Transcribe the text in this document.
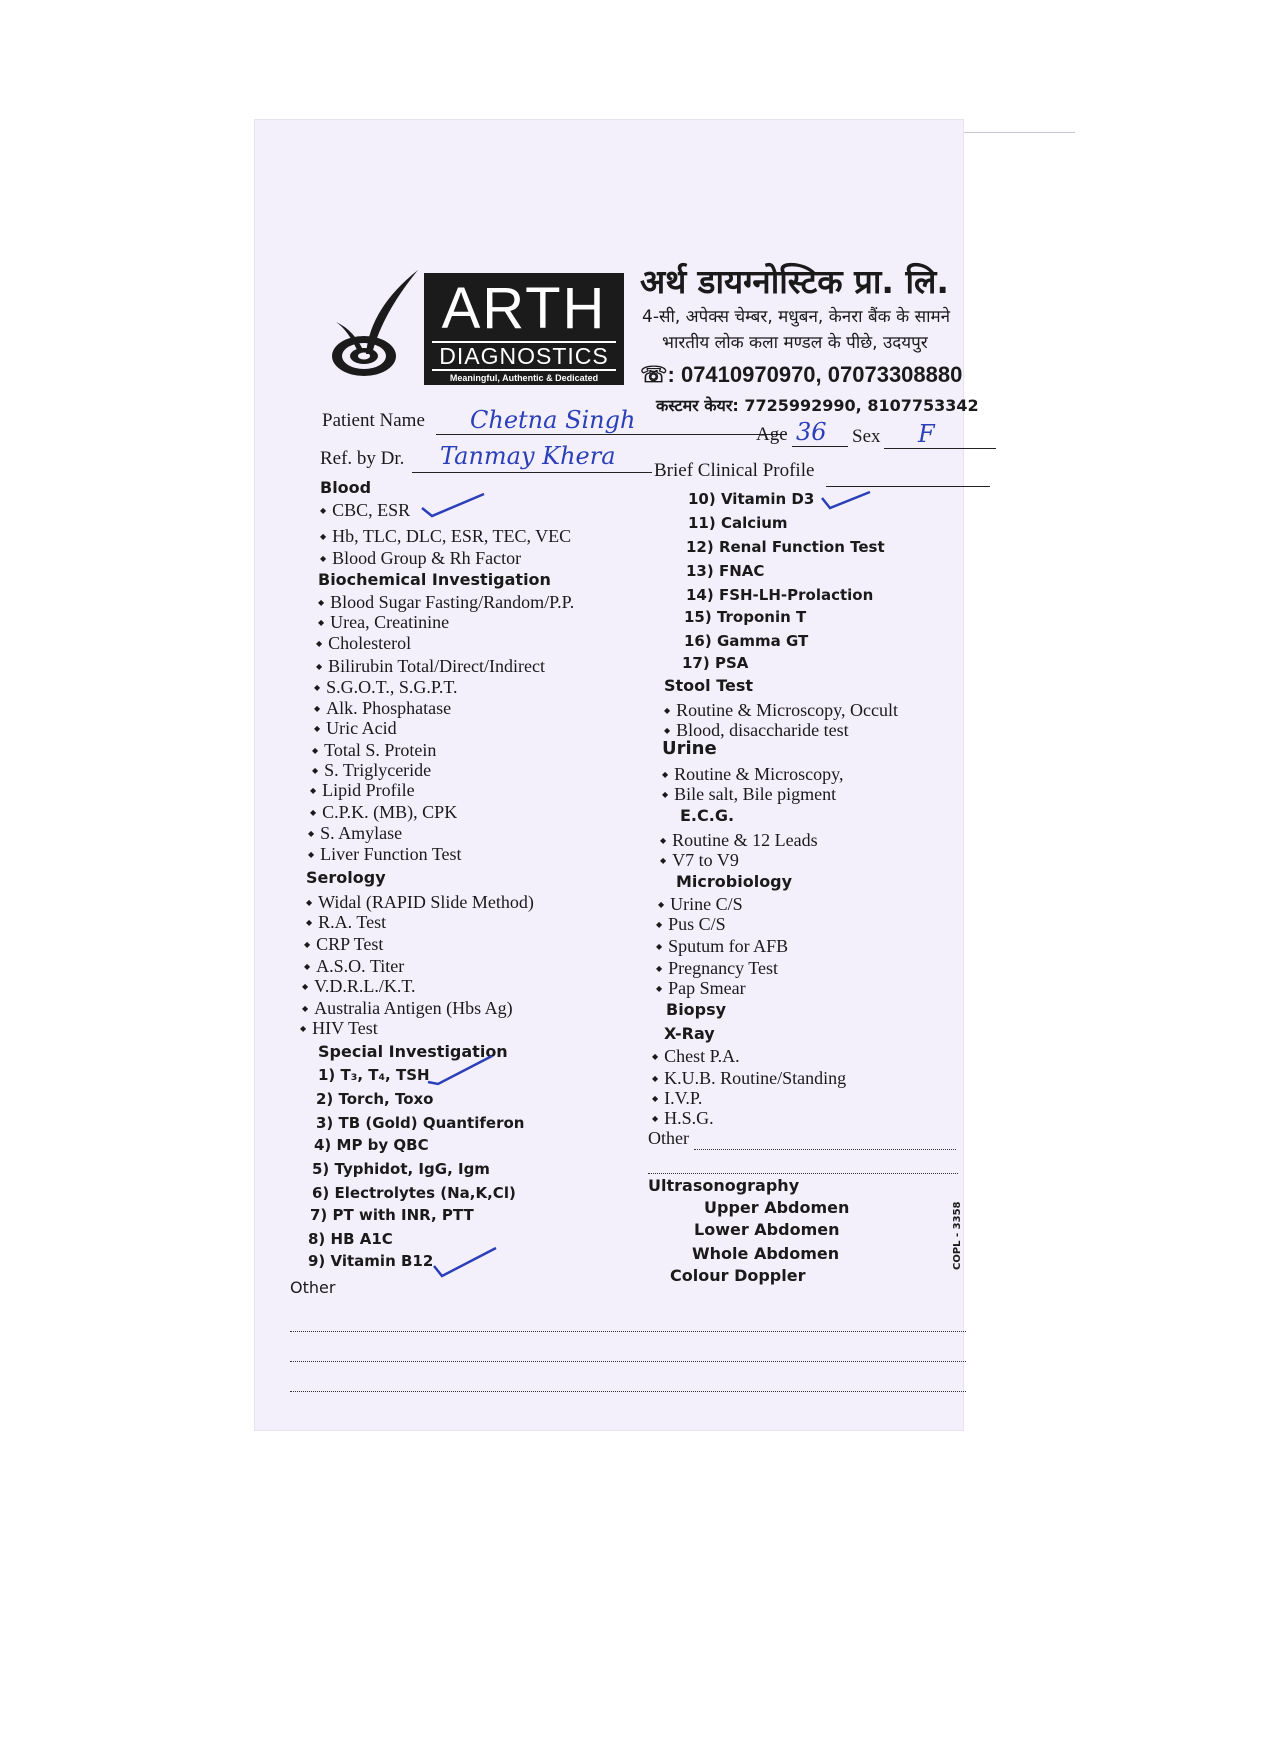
ARTH
DIAGNOSTICS
Meaningful, Authentic & Dedicated
अर्थ डायग्नोस्टिक प्रा. लि.
4-सी, अपेक्स चेम्बर, मधुबन, केनरा बैंक के सामने
भारतीय लोक कला मण्डल के पीछे, उदयपुर
☏: 07410970970, 07073308880
कस्टमर केयर: 7725992990, 8107753342
Patient Name Chetna Singh
Age 36 Sex F
Ref. by Dr. Tanmay Khera
Brief Clinical Profile
Blood
◆ CBC, ESR
◆ Hb, TLC, DLC, ESR, TEC, VEC
◆ Blood Group & Rh Factor
Biochemical Investigation
◆ Blood Sugar Fasting/Random/P.P.
◆ Urea, Creatinine
◆ Cholesterol
◆ Bilirubin Total/Direct/Indirect
◆ S.G.O.T., S.G.P.T.
◆ Alk. Phosphatase
◆ Uric Acid
◆ Total S. Protein
◆ S. Triglyceride
◆ Lipid Profile
◆ C.P.K. (MB), CPK
◆ S. Amylase
◆ Liver Function Test
Serology
◆ Widal (RAPID Slide Method)
◆ R.A. Test
◆ CRP Test
◆ A.S.O. Titer
◆ V.D.R.L./K.T.
◆ Australia Antigen (Hbs Ag)
◆ HIV Test
Special Investigation
1) T₃, T₄, TSH
2) Torch, Toxo
3) TB (Gold) Quantiferon
4) MP by QBC
5) Typhidot, IgG, Igm
6) Electrolytes (Na,K,Cl)
7) PT with INR, PTT
8) HB A1C
9) Vitamin B12
Other
10) Vitamin D3
11) Calcium
12) Renal Function Test
13) FNAC
14) FSH-LH-Prolaction
15) Troponin T
16) Gamma GT
17) PSA
Stool Test
◆ Routine & Microscopy, Occult
◆ Blood, disaccharide test
Urine
◆ Routine & Microscopy,
◆ Bile salt, Bile pigment
E.C.G.
◆ Routine & 12 Leads
◆ V7 to V9
Microbiology
◆ Urine C/S
◆ Pus C/S
◆ Sputum for AFB
◆ Pregnancy Test
◆ Pap Smear
Biopsy
X-Ray
◆ Chest P.A.
◆ K.U.B. Routine/Standing
◆ I.V.P.
◆ H.S.G.
Other
Ultrasonography
Upper Abdomen
Lower Abdomen
Whole Abdomen
Colour Doppler
COPL - 3358
